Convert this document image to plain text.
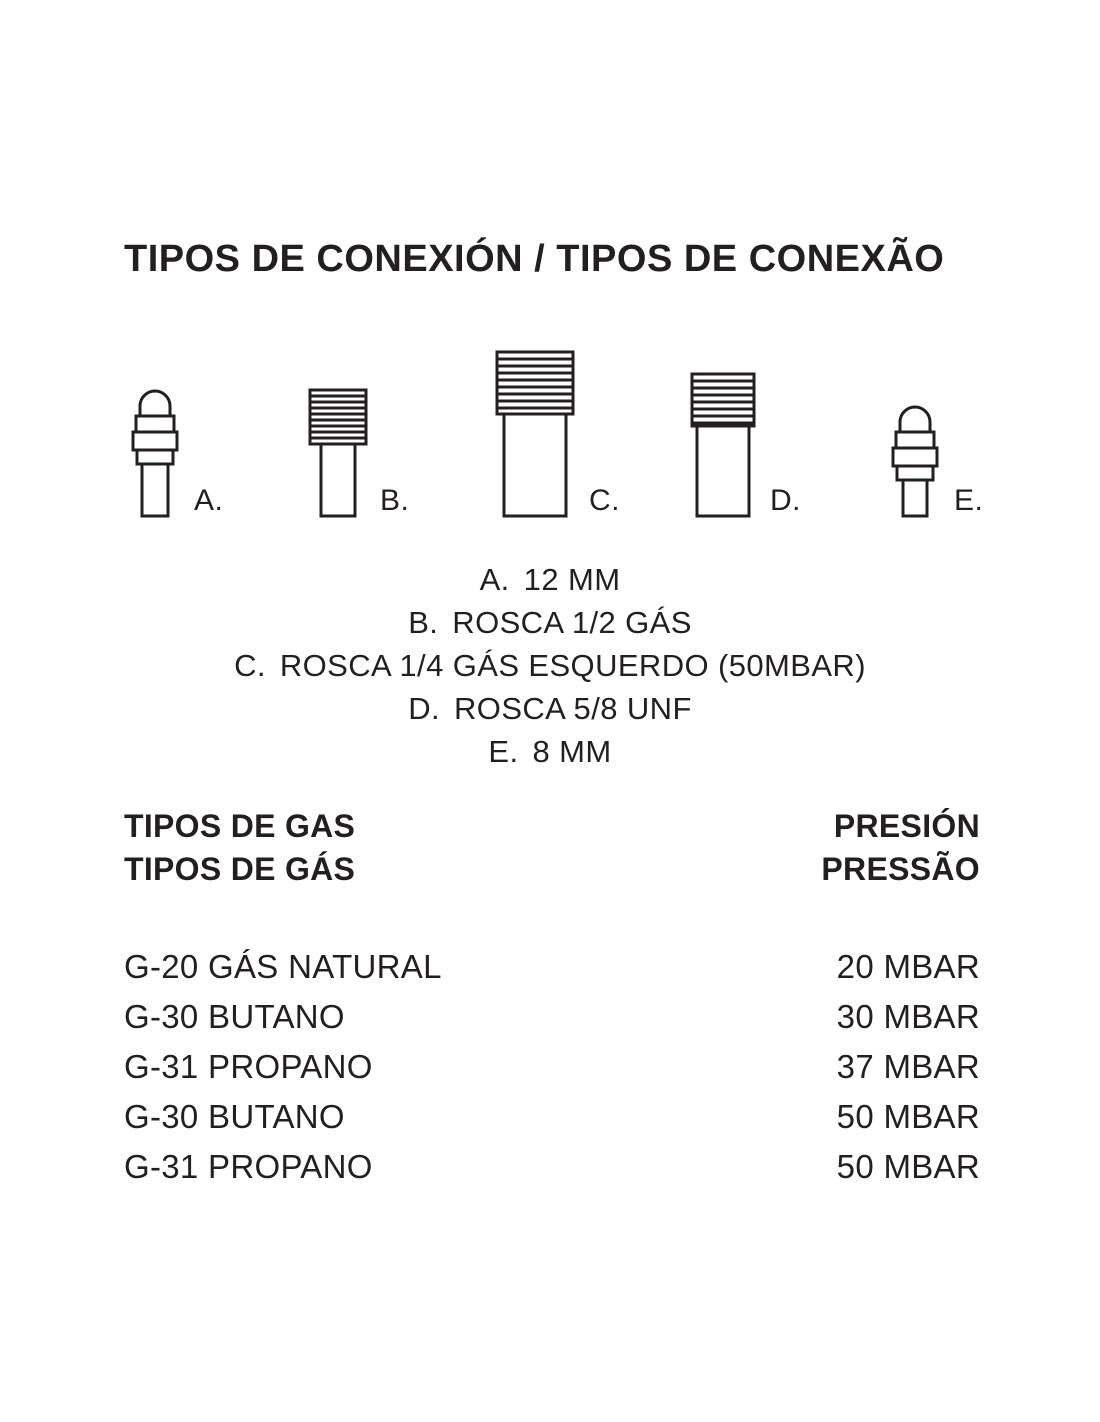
TIPOS DE CONEXIÓN / TIPOS DE CONEXÃO
A.	B.	C.	D.	E.
A. 12 MM
B. ROSCA 1/2 GÁS
C. ROSCA 1/4 GÁS ESQUERDO (50MBAR)
D. ROSCA 5/8 UNF
E. 8 MM
TIPOS DE GAS	PRESIÓN
TIPOS DE GÁS	PRESSÃO
G-20 GÁS NATURAL	20 MBAR
G-30 BUTANO	30 MBAR
G-31 PROPANO	37 MBAR
G-30 BUTANO	50 MBAR
G-31 PROPANO	50 MBAR
